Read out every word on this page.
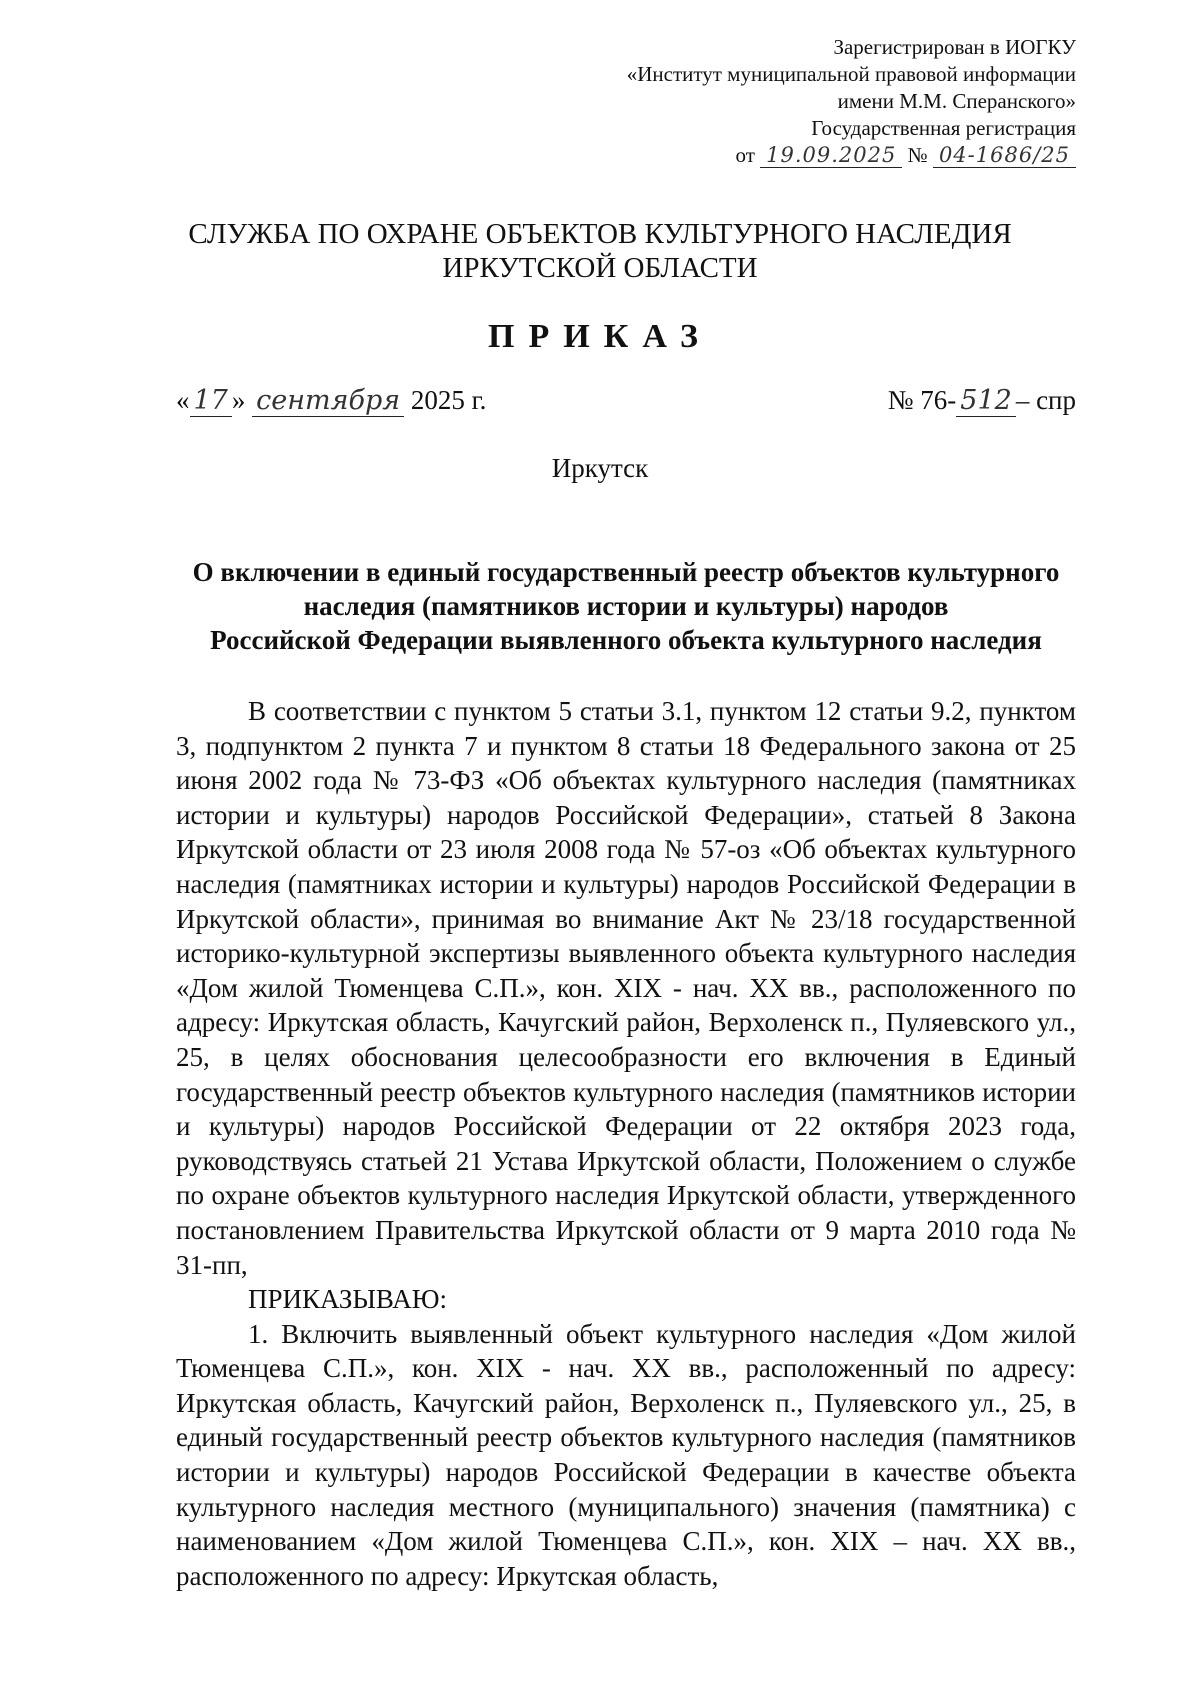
Зарегистрирован в ИОГКУ
«Институт муниципальной правовой информации
имени М.М. Сперанского»
Государственная регистрация
от 19.09.2025 № 04-1686/25
СЛУЖБА ПО ОХРАНЕ ОБЪЕКТОВ КУЛЬТУРНОГО НАСЛЕДИЯ
ИРКУТСКОЙ ОБЛАСТИ
ПРИКАЗ
« 17 » сентября 2025 г.	№ 76- 512 – спр
Иркутск
О включении в единый государственный реестр объектов культурного
наследия (памятников истории и культуры) народов
Российской Федерации выявленного объекта культурного наследия

В соответствии с пунктом 5 статьи 3.1, пунктом 12 статьи 9.2, пунктом 3, подпунктом 2 пункта 7 и пунктом 8 статьи 18 Федерального закона от 25 июня 2002 года № 73-ФЗ «Об объектах культурного наследия (памятниках истории и культуры) народов Российской Федерации», статьей 8 Закона Иркутской области от 23 июля 2008 года № 57-оз «Об объектах культурного наследия (памятниках истории и культуры) народов Российской Федерации в Иркутской области», принимая во внимание Акт № 23/18 государственной историко-культурной экспертизы выявленного объекта культурного наследия «Дом жилой Тюменцева С.П.», кон. XIX - нач. XX вв., расположенного по адресу: Иркутская область, Качугский район, Верхоленск п., Пуляевского ул., 25, в целях обоснования целесообразности его включения в Единый государственный реестр объектов культурного наследия (памятников истории и культуры) народов Российской Федерации от 22 октября 2023 года, руководствуясь статьей 21 Устава Иркутской области, Положением о службе по охране объектов культурного наследия Иркутской области, утвержденного постановлением Правительства Иркутской области от 9 марта 2010 года № 31-пп,

ПРИКАЗЫВАЮ:

1. Включить выявленный объект культурного наследия «Дом жилой Тюменцева С.П.», кон. XIX - нач. XX вв., расположенный по адресу: Иркутская область, Качугский район, Верхоленск п., Пуляевского ул., 25, в единый государственный реестр объектов культурного наследия (памятников истории и культуры) народов Российской Федерации в качестве объекта культурного наследия местного (муниципального) значения (памятника) с наименованием «Дом жилой Тюменцева С.П.», кон. XIX – нач. XX вв., расположенного по адресу: Иркутская область,
